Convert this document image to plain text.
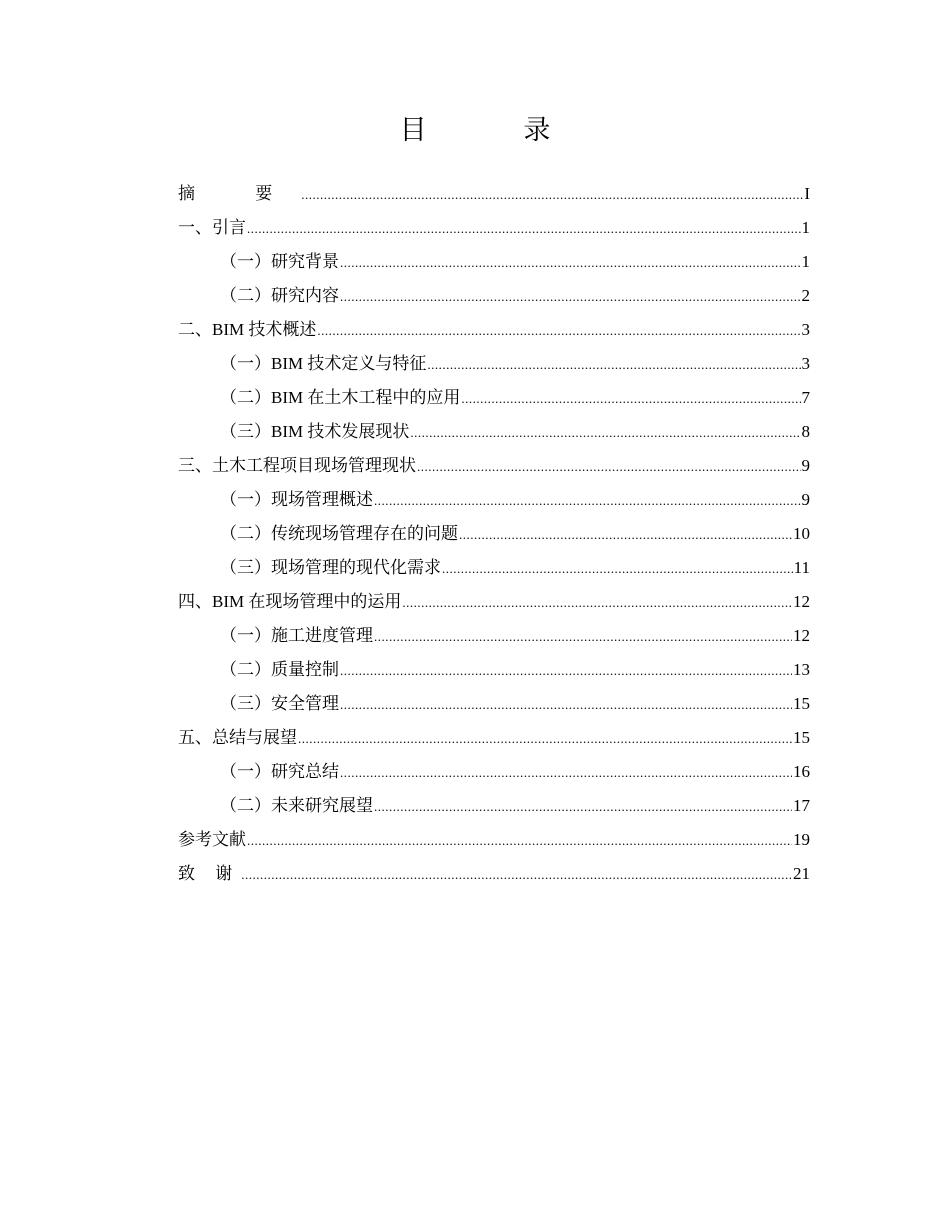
目 录
摘 要 .....	I
一、引言 .....	1
（一）研究背景 .....	1
（二）研究内容 .....	2
二、BIM 技术概述 .....	3
（一）BIM 技术定义与特征 .....	3
（二）BIM 在土木工程中的应用 .....	7
（三）BIM 技术发展现状 .....	8
三、土木工程项目现场管理现状 .....	9
（一）现场管理概述 .....	9
（二）传统现场管理存在的问题 .....	10
（三）现场管理的现代化需求 .....	11
四、BIM 在现场管理中的运用 .....	12
（一）施工进度管理 .....	12
（二）质量控制 .....	13
（三）安全管理 .....	15
五、总结与展望 .....	15
（一）研究总结 .....	16
（二）未来研究展望 .....	17
参考文献 .....	19
致 谢 .....	21
